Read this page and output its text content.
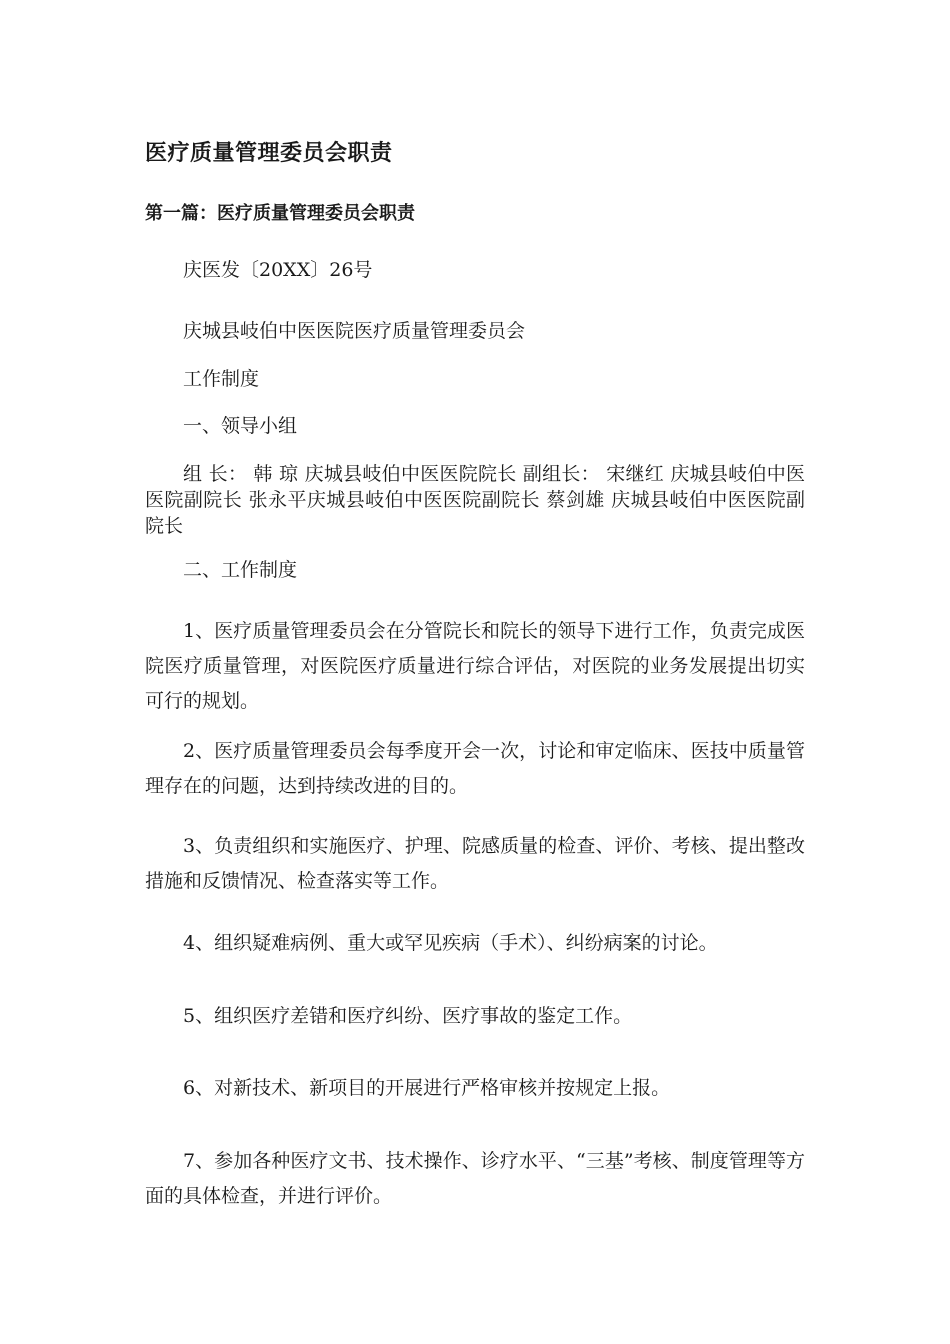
医疗质量管理委员会职责
第一篇：医疗质量管理委员会职责

庆医发〔20XX〕26号

庆城县岐伯中医医院医疗质量管理委员会

工作制度

一、领导小组

组 长： 韩 琼 庆城县岐伯中医医院院长 副组长： 宋继红 庆城县岐伯中医医院副院长 张永平庆城县岐伯中医医院副院长 蔡剑雄 庆城县岐伯中医医院副院长

二、工作制度

1、医疗质量管理委员会在分管院长和院长的领导下进行工作，负责完成医院医疗质量管理，对医院医疗质量进行综合评估，对医院的业务发展提出切实可行的规划。

2、医疗质量管理委员会每季度开会一次，讨论和审定临床、医技中质量管理存在的问题，达到持续改进的目的。

3、负责组织和实施医疗、护理、院感质量的检查、评价、考核、提出整改措施和反馈情况、检查落实等工作。

4、组织疑难病例、重大或罕见疾病（手术）、纠纷病案的讨论。

5、组织医疗差错和医疗纠纷、医疗事故的鉴定工作。

6、对新技术、新项目的开展进行严格审核并按规定上报。

7、参加各种医疗文书、技术操作、诊疗水平、“三基”考核、制度管理等方面的具体检查，并进行评价。
